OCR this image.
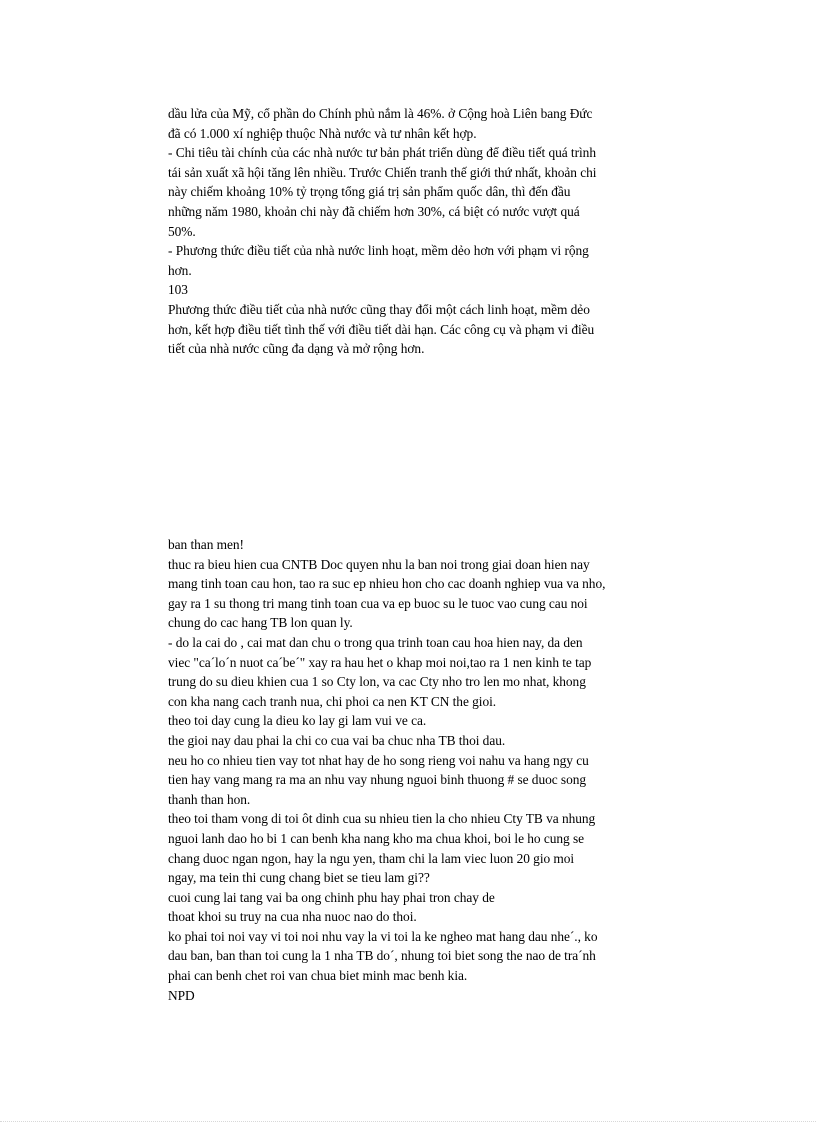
dầu lửa của Mỹ, cổ phần do Chính phủ nắm là 46%. ở Cộng hoà Liên bang Đức
đã có 1.000 xí nghiệp thuộc Nhà nước và tư nhân kết hợp.
- Chi tiêu tài chính của các nhà nước tư bản phát triển dùng để điều tiết quá trình
tái sản xuất xã hội tăng lên nhiều. Trước Chiến tranh thế giới thứ nhất, khoản chi
này chiếm khoảng 10% tỷ trọng tổng giá trị sản phẩm quốc dân, thì đến đầu
những năm 1980, khoản chi này đã chiếm hơn 30%, cá biệt có nước vượt quá
50%.
- Phương thức điều tiết của nhà nước linh hoạt, mềm dẻo hơn với phạm vi rộng
hơn.
103
Phương thức điều tiết của nhà nước cũng thay đổi một cách linh hoạt, mềm dẻo
hơn, kết hợp điều tiết tình thế với điều tiết dài hạn. Các công cụ và phạm vi điều
tiết của nhà nước cũng đa dạng và mở rộng hơn.
ban than men!
thuc ra bieu hien cua CNTB Doc quyen nhu la ban noi trong giai doan hien nay
mang tinh toan cau hon, tao ra suc ep nhieu hon cho cac doanh nghiep vua va nho,
gay ra 1 su thong tri mang tinh toan cua va ep buoc su le tuoc vao cung cau noi
chung do cac hang TB lon quan ly.
- do la cai do , cai mat dan chu o trong qua trinh toan cau hoa hien nay, da den
viec "ca´lo´n nuot ca´be´" xay ra hau het o khap moi noi,tao ra 1 nen kinh te tap
trung do su dieu khien cua 1 so Cty lon, va cac Cty nho tro len mo nhat, khong
con kha nang cach tranh nua, chi phoi ca nen KT CN the gioi.
theo toi day cung la dieu ko lay gi lam vui ve ca.
the gioi nay dau phai la chi co cua vai ba chuc nha TB thoi dau.
neu ho co nhieu tien vay tot nhat hay de ho song rieng voi nahu va hang ngy cu
tien hay vang mang ra ma an nhu vay nhung nguoi binh thuong # se duoc song
thanh than hon.
theo toi tham vong di toi ôt dinh cua su nhieu tien la cho nhieu Cty TB va nhung
nguoi lanh dao ho bi 1 can benh kha nang kho ma chua khoi, boi le ho cung se
chang duoc ngan ngon, hay la ngu yen, tham chi la lam viec luon 20 gio moi
ngay, ma tein thi cung chang biet se tieu lam gi??
cuoi cung lai tang vai ba ong chinh phu hay phai tron chay de
thoat khoi su truy na cua nha nuoc nao do thoi.
ko phai toi noi vay vi toi noi nhu vay la vi toi la ke ngheo mat hang dau nhe´., ko
dau ban, ban than toi cung la 1 nha TB do´, nhung toi biet song the nao de tra´nh
phai can benh chet roi van chua biet minh mac benh kia.
NPD
